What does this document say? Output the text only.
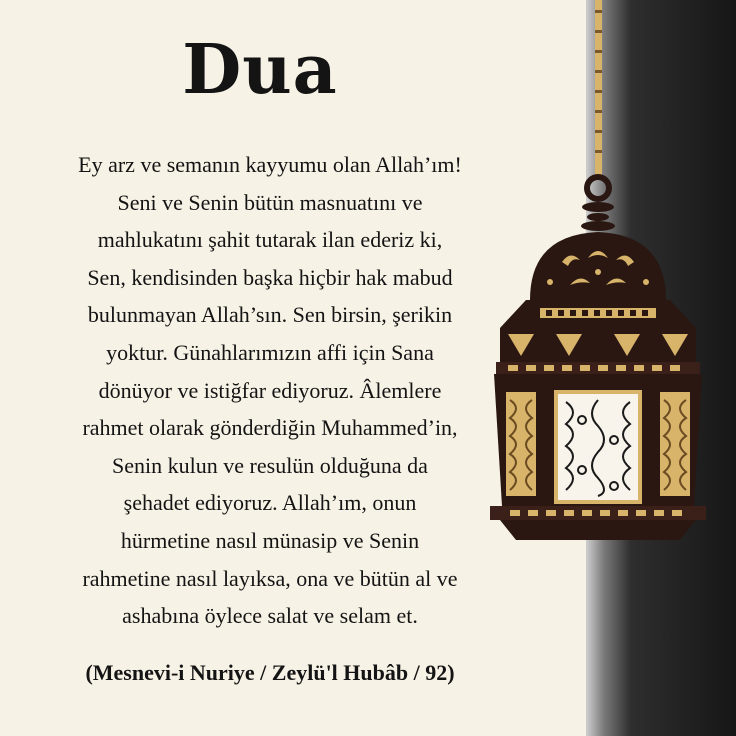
Dua

Ey arz ve semanın kayyumu olan Allah’ım!
Seni ve Senin bütün masnuatını ve
mahlukatını şahit tutarak ilan ederiz ki,
Sen, kendisinden başka hiçbir hak mabud
bulunmayan Allah’sın. Sen birsin, şerikin
yoktur. Günahlarımızın affi için Sana
dönüyor ve istiğfar ediyoruz. Âlemlere
rahmet olarak gönderdiğin Muhammed’in,
Senin kulun ve resulün olduğuna da
şehadet ediyoruz. Allah’ım, onun
hürmetine nasıl münasip ve Senin
rahmetine nasıl layıksa, ona ve bütün al ve
ashabına öylece salat ve selam et.

(Mesnevi-i Nuriye / Zeylü'l Hubâb / 92)
